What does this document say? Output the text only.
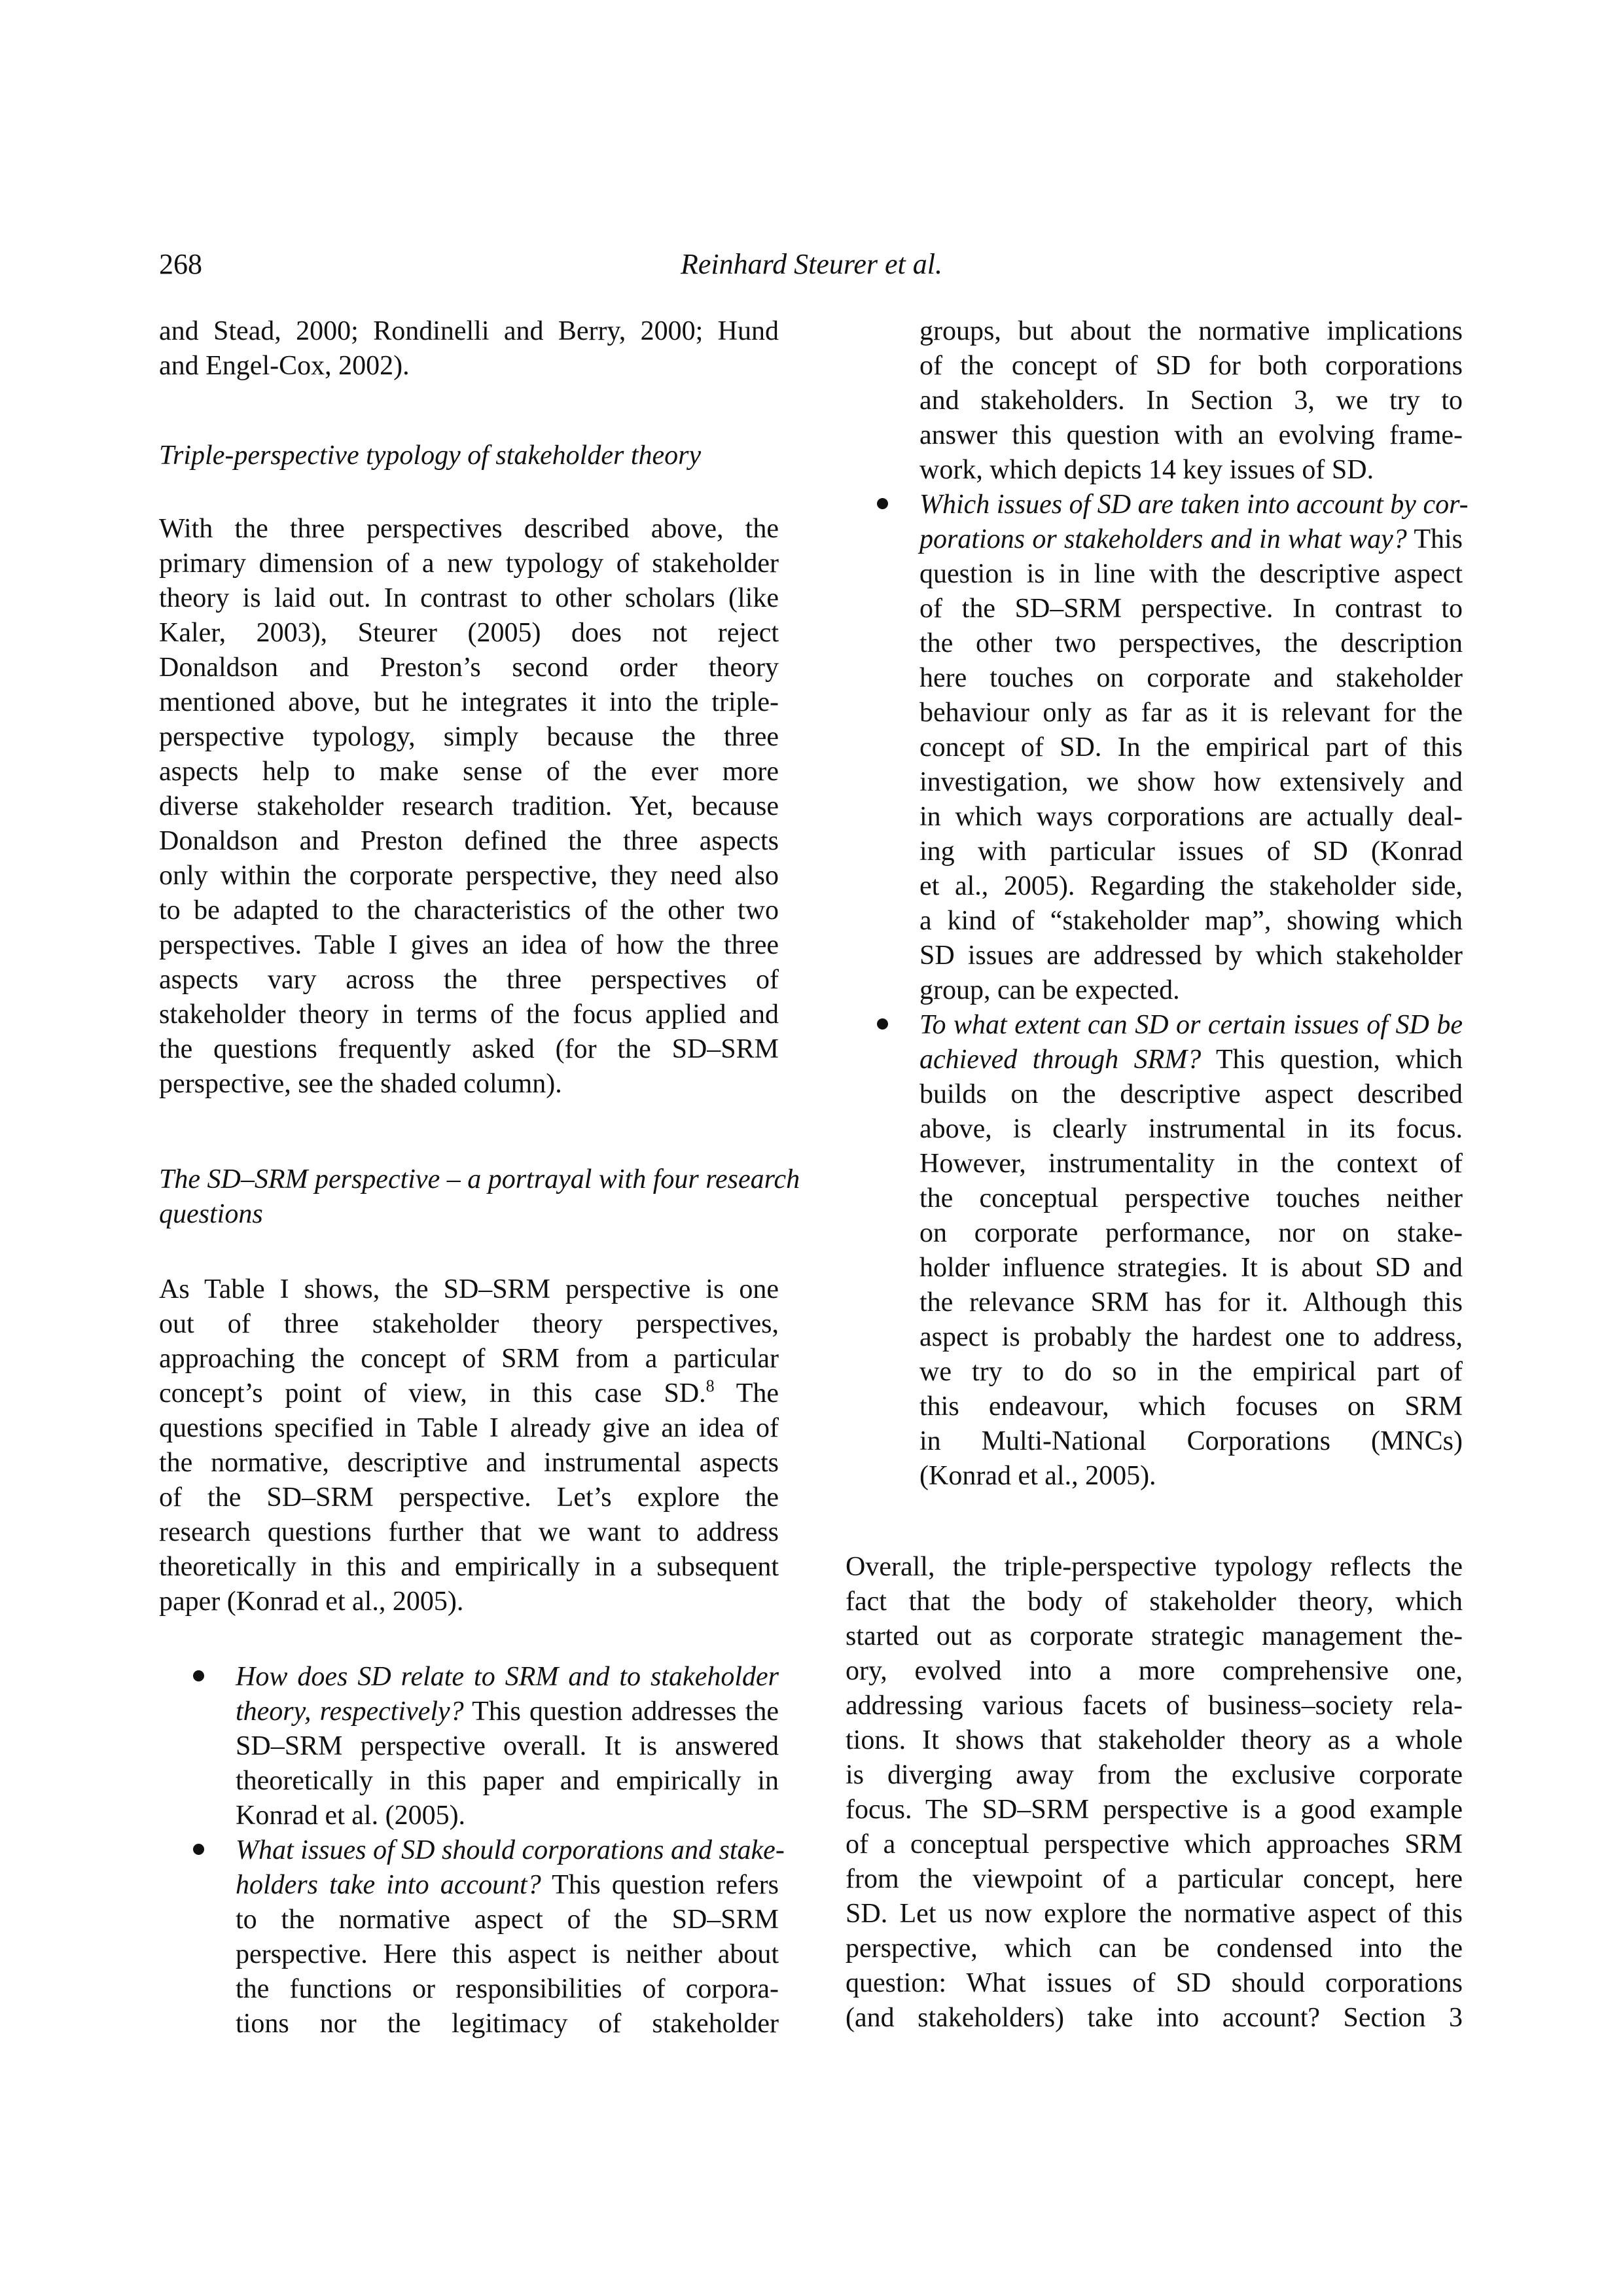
268	Reinhard Steurer et al.
and Stead, 2000; Rondinelli and Berry, 2000; Hund
and Engel-Cox, 2002).
Triple-perspective typology of stakeholder theory
With the three perspectives described above, the
primary dimension of a new typology of stakeholder
theory is laid out. In contrast to other scholars (like
Kaler, 2003), Steurer (2005) does not reject
Donaldson and Preston’s second order theory
mentioned above, but he integrates it into the triple-
perspective typology, simply because the three
aspects help to make sense of the ever more
diverse stakeholder research tradition. Yet, because
Donaldson and Preston defined the three aspects
only within the corporate perspective, they need also
to be adapted to the characteristics of the other two
perspectives. Table I gives an idea of how the three
aspects vary across the three perspectives of
stakeholder theory in terms of the focus applied and
the questions frequently asked (for the SD–SRM
perspective, see the shaded column).
The SD–SRM perspective – a portrayal with four research
questions
As Table I shows, the SD–SRM perspective is one
out of three stakeholder theory perspectives,
approaching the concept of SRM from a particular
concept’s point of view, in this case SD.$^8$ The
questions specified in Table I already give an idea of
the normative, descriptive and instrumental aspects
of the SD–SRM perspective. Let’s explore the
research questions further that we want to address
theoretically in this and empirically in a subsequent
paper (Konrad et al., 2005).
How does SD relate to SRM and to stakeholder
theory, respectively? This question addresses the
SD–SRM perspective overall. It is answered
theoretically in this paper and empirically in
Konrad et al. (2005).
What issues of SD should corporations and stake-
holders take into account? This question refers
to the normative aspect of the SD–SRM
perspective. Here this aspect is neither about
the functions or responsibilities of corpora-
tions nor the legitimacy of stakeholder
groups, but about the normative implications
of the concept of SD for both corporations
and stakeholders. In Section 3, we try to
answer this question with an evolving frame-
work, which depicts 14 key issues of SD.
Which issues of SD are taken into account by cor-
porations or stakeholders and in what way? This
question is in line with the descriptive aspect
of the SD–SRM perspective. In contrast to
the other two perspectives, the description
here touches on corporate and stakeholder
behaviour only as far as it is relevant for the
concept of SD. In the empirical part of this
investigation, we show how extensively and
in which ways corporations are actually deal-
ing with particular issues of SD (Konrad
et al., 2005). Regarding the stakeholder side,
a kind of “stakeholder map”, showing which
SD issues are addressed by which stakeholder
group, can be expected.
To what extent can SD or certain issues of SD be
achieved through SRM? This question, which
builds on the descriptive aspect described
above, is clearly instrumental in its focus.
However, instrumentality in the context of
the conceptual perspective touches neither
on corporate performance, nor on stake-
holder influence strategies. It is about SD and
the relevance SRM has for it. Although this
aspect is probably the hardest one to address,
we try to do so in the empirical part of
this endeavour, which focuses on SRM
in Multi-National Corporations (MNCs)
(Konrad et al., 2005).
Overall, the triple-perspective typology reflects the
fact that the body of stakeholder theory, which
started out as corporate strategic management the-
ory, evolved into a more comprehensive one,
addressing various facets of business–society rela-
tions. It shows that stakeholder theory as a whole
is diverging away from the exclusive corporate
focus. The SD–SRM perspective is a good example
of a conceptual perspective which approaches SRM
from the viewpoint of a particular concept, here
SD. Let us now explore the normative aspect of this
perspective, which can be condensed into the
question: What issues of SD should corporations
(and stakeholders) take into account? Section 3
